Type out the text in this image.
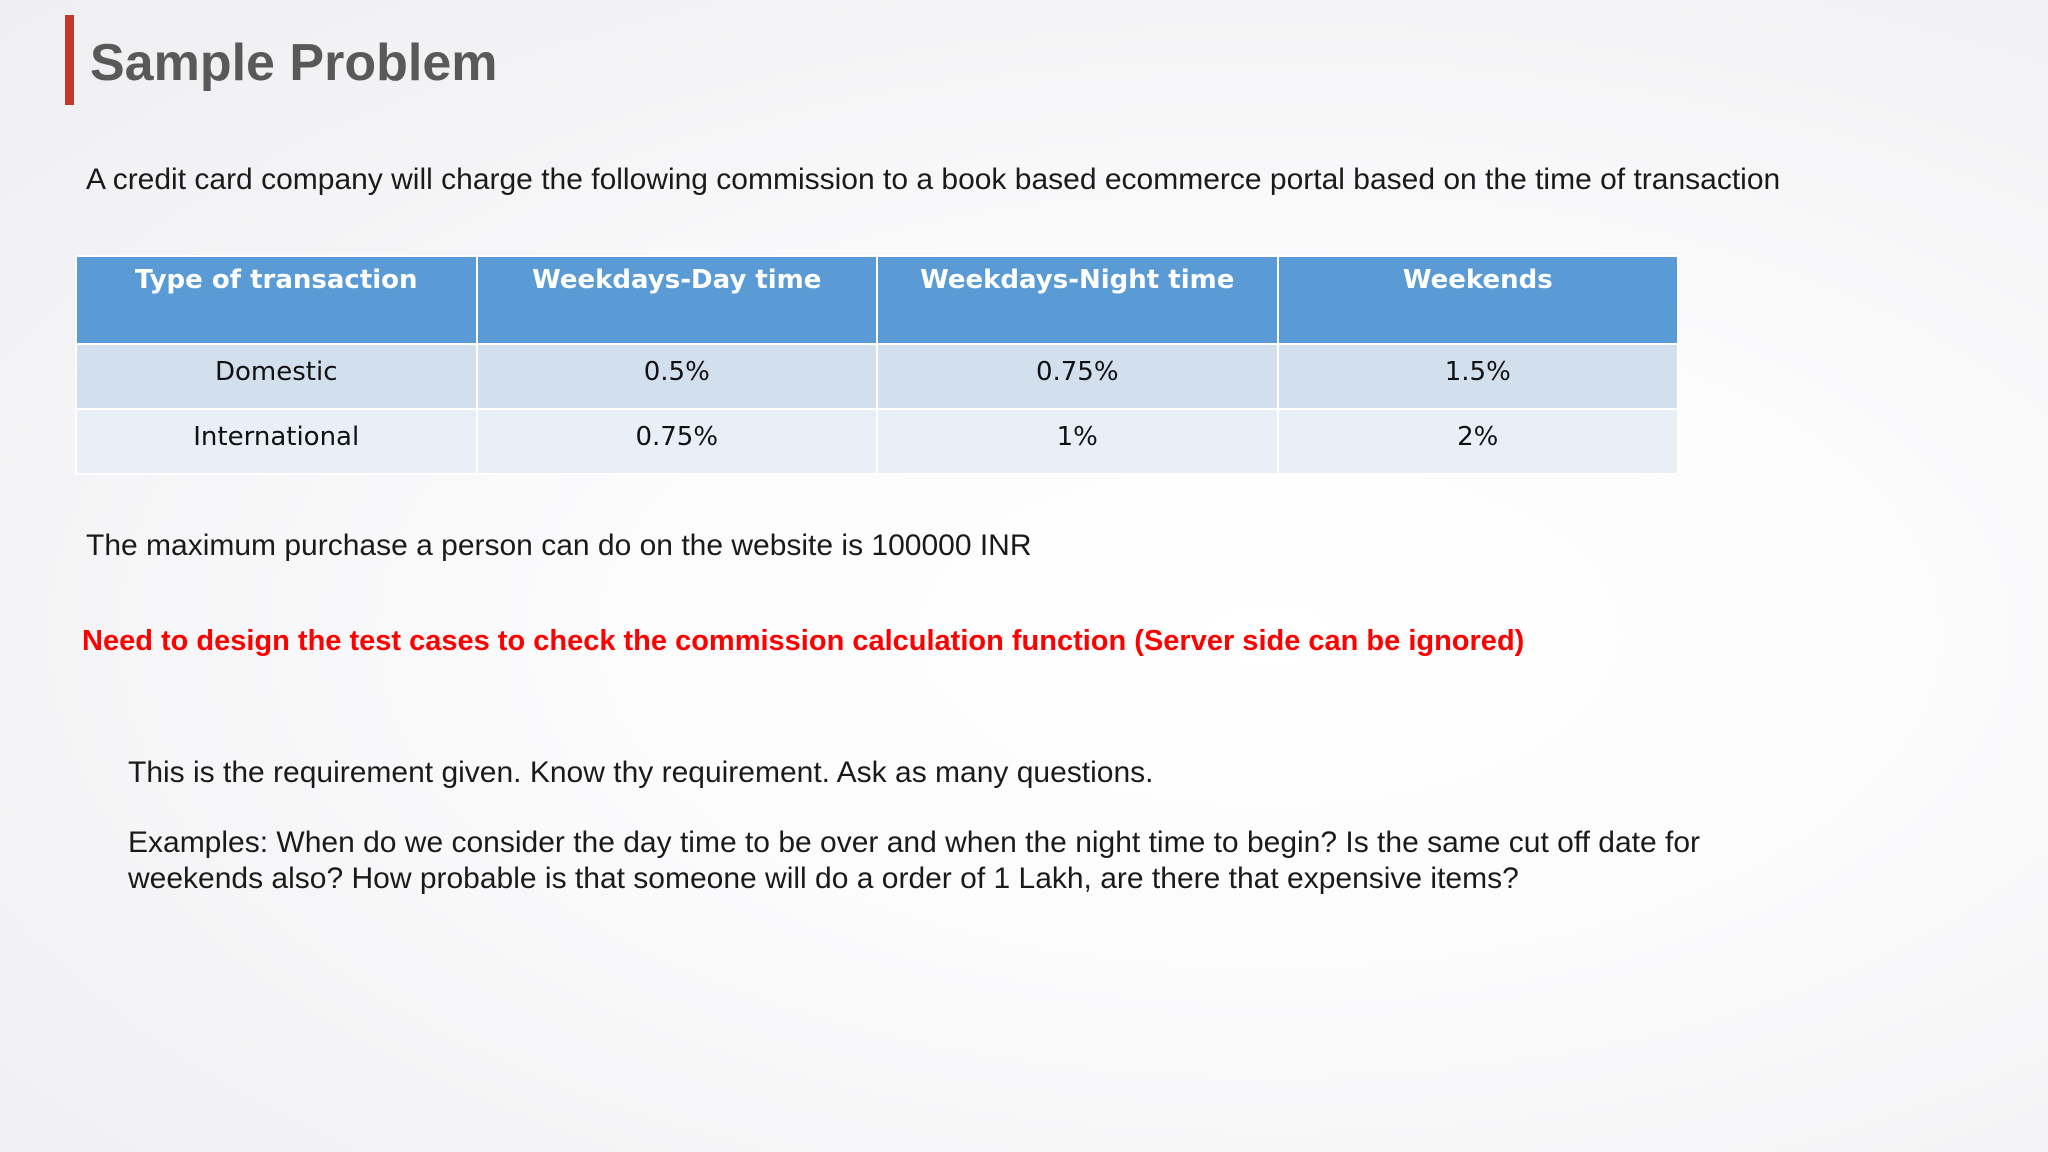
Sample Problem
A credit card company will charge the following commission to a book based ecommerce portal based on the time of transaction
Type of transaction	Weekdays-Day time	Weekdays-Night time	Weekends
Domestic	0.5%	0.75%	1.5%
International	0.75%	1%	2%
The maximum purchase a person can do on the website is 100000 INR
Need to design the test cases to check the commission calculation function (Server side can be ignored)
This is the requirement given. Know thy requirement. Ask as many questions.
Examples: When do we consider the day time to be over and when the night time to begin? Is the same cut off date for
weekends also? How probable is that someone will do a order of 1 Lakh, are there that expensive items?
